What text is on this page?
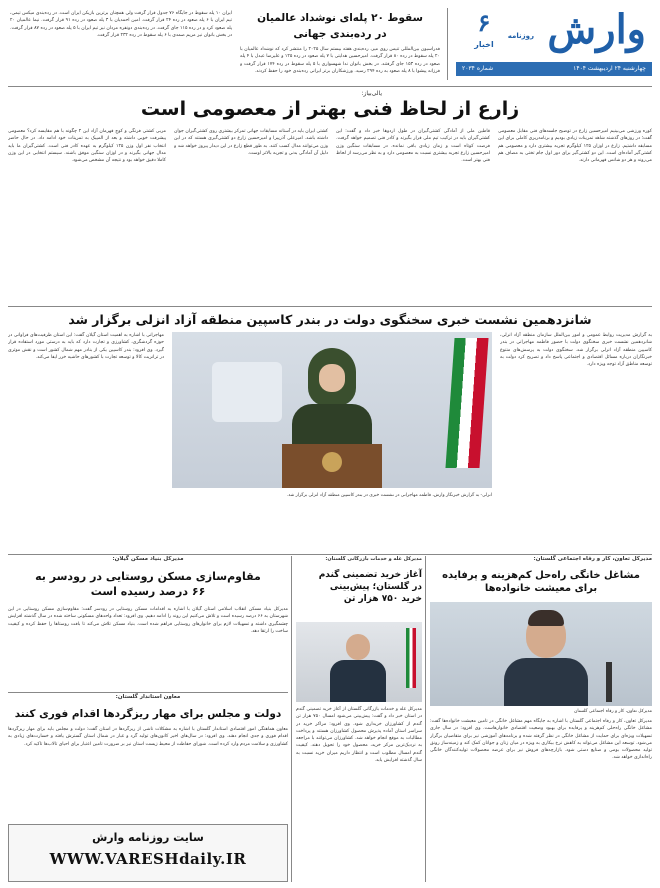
وارش
روزنامه
۶
اخبار
چهارشنبه ۲۴ اردیبهشت ۱۴۰۴
شماره ۲۰۳۴
سقوط ۲۰ پله‌ای نوشداد عالمیان
در رده‌بندی جهانی
فدراسیون بین‌المللی تنیس روی میز، رده‌بندی هفته بیستم سال ۲۰۲۵ را منتشر کرد که نوشداد عالمیان با ۲۰ پله سقوط در رده ۸۰ قرار گرفت. امیرحسین هدایتی با ۷ پله صعود در رده ۱۲۵ و علیرضا عبدل با ۴ پله صعود در رده ۱۵۳ جای گرفتند. در بخش بانوان ندا شهسواری با ۵ پله سقوط در رده ۱۷۴ قرار گرفت و فرزانه پیشوا با ۸ پله صعود به رده ۲۹۴ رسید. ورزشکاران برتر ایرانی رده‌بندی خود را حفظ کردند.
ایران ۱۰ پله سقوط در جایگاه ۷۶ جدول قرار گرفت ولی همچنان برترین بازیکن ایران است. در رده‌بندی میکس تیمی، تیم ایران با ۶ پله صعود در رده ۲۴ قرار گرفت. امین احمدیان با ۳ پله صعود در رده ۹۱ قرار گرفت. نیما عالمیان ۲۰ پله صعود کرد و در رده ۱۱۵ جای گرفت. در رده‌بندی دونفره مردان نیز تیم ایران با ۵ پله صعود در رده ۸۷ قرار گرفت. در بخش بانوان نیز مریم صمدی با ۶ پله سقوط در رده ۲۳۲ قرار گرفت.
یالی‌بیاز:
زارع از لحاظ فنی بهتر از معصومی است
کوره ورزشی می‌بینیم امیرحسین زارع در توضیح جلسه‌های فنی مقابل معصومی گفت؛ در روزهای گذشته شاهد تمرینات زیادی بودیم و برنامه‌ریزی کاملی برای این مسابقه داشتیم. زارع در اوزان ۱۲۵ کیلوگرم تجربه بیشتری دارد و معصومی هم کشتی‌گیر آماده‌ای است. این دو کشتی‌گیر برای دور اول جام تختی به مصاف هم می‌روند و هر دو شانس قهرمانی دارند.
قاطین ملی از آمادگی کشتی‌گیران در طول اردوها خبر داد و گفت: این کشتی‌گیران باید در ترکیب تیم ملی قرار بگیرند و کادر فنی تصمیم خواهد گرفت. فرصت کوتاه است و زمان زیادی باقی نمانده. در مسابقات سنگین وزن امیرحسین زارع تجربه بیشتری نسبت به معصومی دارد و به نظر می‌رسد از لحاظ فنی بهتر است.
کشتی ایران باید در آستانه مسابقات جهانی تمرکز بیشتری روی کشتی‌گیران جوان داشته باشد. امیرعلی آذرپیرا و امیرحسین زارع دو کشتی‌گیری هستند که در این وزن می‌توانند مدال کسب کنند. به طور قطع زارع در این دیدار پیروز خواهد شد و دلیل آن آمادگی بدنی و تجربه بالاتر اوست.
مربی کشتی فرنگی و کوچ قهرمان آزاد این ۲ چگونه با هم مقایسه کرد؟ معصومی پیشرفت خوبی داشته و بعد از المپیک به تمرینات خود ادامه داد. در حال حاضر انتخاب نفر اول وزن ۱۲۵ کیلوگرم به عهده کادر فنی است. کشتی‌گیران ما باید مدال جهانی بگیرند و در اوزان سنگین موفق باشند. سیستم انتخابی در این وزن کاملا دقیق خواهد بود و نتیجه آن مشخص می‌شود.
شانزدهمین نشست خبری سخنگوی دولت در بندر کاسپین منطقه آزاد انزلی برگزار شد
انزلی- به گزارش خبرنگار وارش، فاطمه مهاجرانی در نشست خبری در بندر کاسپین منطقه آزاد انزلی برگزار شد.
به گزارش مدیریت روابط عمومی و امور بین‌الملل سازمان منطقه آزاد انزلی، شانزدهمین نشست خبری سخنگوی دولت با حضور فاطمه مهاجرانی در بندر کاسپین منطقه آزاد انزلی برگزار شد. سخنگوی دولت به پرسش‌های متنوع خبرنگاران درباره مسائل اقتصادی و اجتماعی پاسخ داد و تصریح کرد دولت به توسعه مناطق آزاد توجه ویژه دارد.
مهاجرانی با اشاره به اهمیت استان گیلان گفت: این استان ظرفیت‌های فراوانی در حوزه گردشگری، کشاورزی و تجارت دارد که باید به درستی مورد استفاده قرار گیرد. وی افزود: بندر کاسپین یکی از بنادر مهم شمال کشور است و نقش موثری در ترانزیت کالا و توسعه تجارت با کشورهای حاشیه خزر ایفا می‌کند.
مدیرکل تعاون، کار و رفاه اجتماعی گلستان:
مشاغل خانگی راه‌حل کم‌هزینه و پرفایده
برای معیشت خانواده‌ها
مدیرکل تعاون، کار و رفاه اجتماعی گلستان
مدیرکل تعاون، کار و رفاه اجتماعی گلستان با اشاره به جایگاه مهم مشاغل خانگی در تامین معیشت خانواده‌ها گفت: مشاغل خانگی راه‌حلی کم‌هزینه و پرفایده برای بهبود وضعیت اقتصادی خانوارهاست. وی افزود: در سال جاری تسهیلات ویژه‌ای برای حمایت از مشاغل خانگی در نظر گرفته شده و برنامه‌های آموزشی نیز برای متقاضیان برگزار می‌شود. توسعه این مشاغل می‌تواند به کاهش نرخ بیکاری به ویژه در میان زنان و جوانان کمک کند و زمینه‌ساز رونق تولید محصولات بومی و صنایع دستی شود. بازارچه‌های فروش نیز برای عرضه محصولات تولیدکنندگان خانگی راه‌اندازی خواهد شد.
مدیرکل غله و خدمات بازرگانی گلستان:
آغاز خرید تضمینی گندم
در گلستان؛ پیش‌بینی
خرید ۷۵۰ هزار تن
مدیرکل غله و خدمات بازرگانی گلستان از آغاز خرید تضمینی گندم در استان خبر داد و گفت: پیش‌بینی می‌شود امسال ۷۵۰ هزار تن گندم از کشاورزان خریداری شود. وی افزود: مراکز خرید در سراسر استان آماده پذیرش محصول کشاورزان هستند و پرداخت مطالبات به موقع انجام خواهد شد. کشاورزان می‌توانند با مراجعه به نزدیک‌ترین مرکز خرید، محصول خود را تحویل دهند. کیفیت گندم امسال مطلوب است و انتظار داریم میزان خرید نسبت به سال گذشته افزایش یابد.
مدیرکل بنیاد مسکن گیلان:
مقاوم‌سازی مسکن روستایی در رودسر به
۶۶ درصد رسیده است
مدیرکل بنیاد مسکن انقلاب اسلامی استان گیلان با اشاره به اقدامات مسکن روستایی در رودسر گفت: مقاوم‌سازی مسکن روستایی در این شهرستان به ۶۶ درصد رسیده است و تلاش می‌کنیم این روند را ادامه دهیم. وی افزود: تعداد واحدهای مسکونی ساخته شده در سال گذشته افزایش چشمگیری داشته و تسهیلات لازم برای خانوارهای روستایی فراهم شده است. بنیاد مسکن تلاش می‌کند تا بافت روستاها را حفظ کرده و کیفیت ساخت را ارتقا دهد.
معاون استاندار گلستان:
دولت و مجلس برای مهار ریزگردها اقدام فوری کنند
معاون هماهنگی امور اقتصادی استاندار گلستان با اشاره به مشکلات ناشی از ریزگردها در استان گفت: دولت و مجلس باید برای مهار ریزگردها اقدام فوری و جدی انجام دهند. وی افزود: در سال‌های اخیر کانون‌های تولید گرد و غبار در شمال استان گسترش یافته و خسارت‌های زیادی به کشاورزی و سلامت مردم وارد کرده است. شورای حفاظت از محیط زیست استان نیز بر ضرورت تامین اعتبار برای احیای تالاب‌ها تاکید کرد.
سایت روزنامه وارش
WWW.VARESHdaily.IR
